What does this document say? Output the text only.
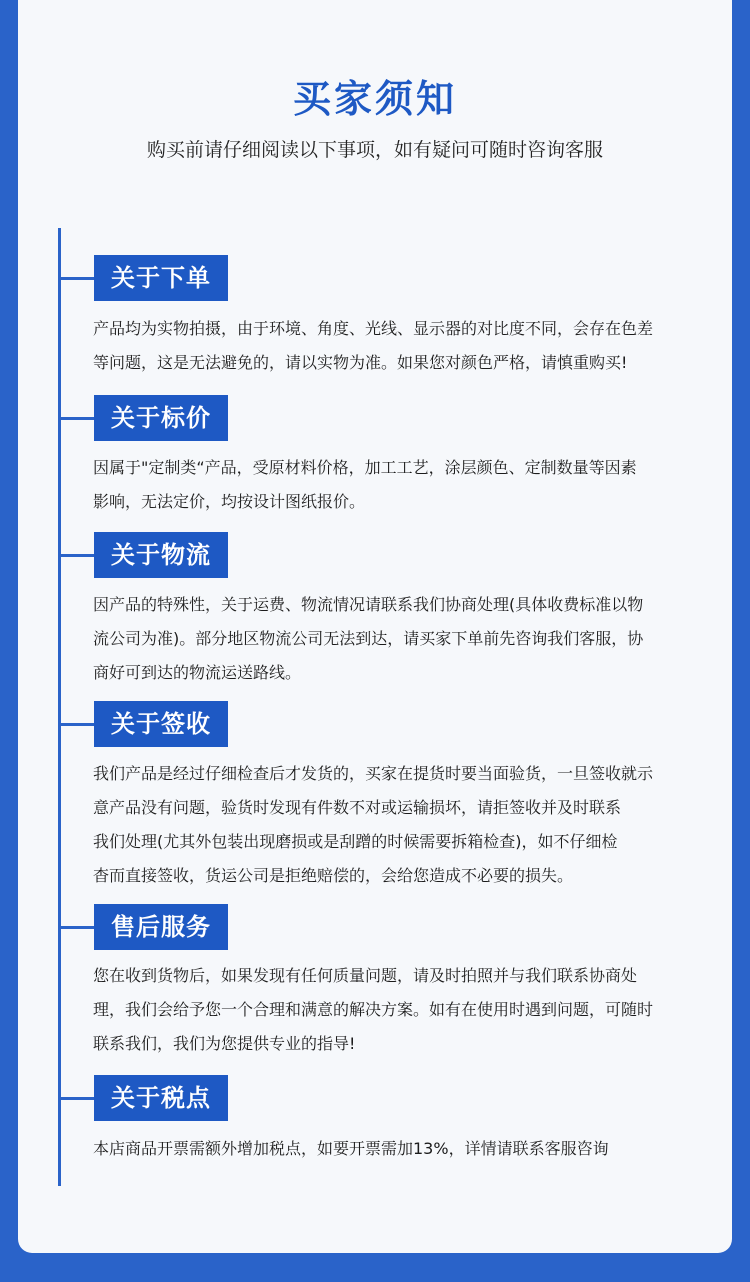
买家须知
购买前请仔细阅读以下事项，如有疑问可随时咨询客服
关于下单
产品均为实物拍摄，由于环境、角度、光线、显示器的对比度不同，会存在色差
等问题，这是无法避免的，请以实物为准。如果您对颜色严格，请慎重购买!
关于标价
因属于"定制类“产品，受原材料价格，加工工艺，涂层颜色、定制数量等因素
影响，无法定价，均按设计图纸报价。
关于物流
因产品的特殊性，关于运费、物流情况请联系我们协商处理(具体收费标准以物
流公司为准)。部分地区物流公司无法到达，请买家下单前先咨询我们客服，协
商好可到达的物流运送路线。
关于签收
我们产品是经过仔细检查后才发货的，买家在提货时要当面验货，一旦签收就示
意产品没有问题，验货时发现有件数不对或运输损坏，请拒签收并及时联系
我们处理(尤其外包装出现磨损或是刮蹭的时候需要拆箱检查)，如不仔细检
杳而直接签收，货运公司是拒绝赔偿的，会给您造成不必要的损失。
售后服务
您在收到货物后，如果发现有任何质量问题，请及时拍照并与我们联系协商处
理，我们会给予您一个合理和满意的解决方案。如有在使用时遇到问题，可随时
联系我们，我们为您提供专业的指导!
关于税点
本店商品开票需额外增加税点，如要开票需加13%，详情请联系客服咨询
